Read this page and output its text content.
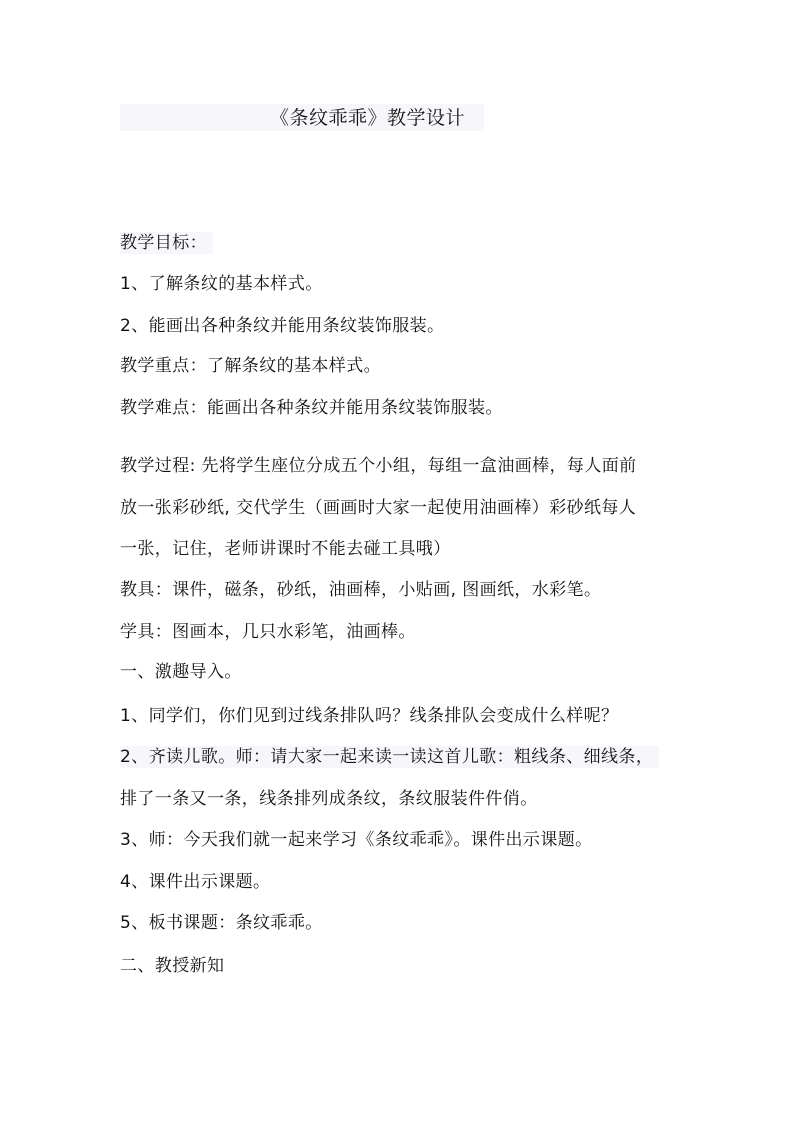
《条纹乖乖》教学设计
教学目标：
1、了解条纹的基本样式。
2、能画出各种条纹并能用条纹装饰服装。
教学重点：了解条纹的基本样式。
教学难点：能画出各种条纹并能用条纹装饰服装。
教学过程: 先将学生座位分成五个小组，每组一盒油画棒，每人面前
放一张彩砂纸, 交代学生（画画时大家一起使用油画棒）彩砂纸每人
一张，记住，老师讲课时不能去碰工具哦）
教具：课件，磁条，砂纸，油画棒，小贴画, 图画纸，水彩笔。
学具：图画本，几只水彩笔，油画棒。
一、激趣导入。
1、同学们，你们见到过线条排队吗？线条排队会变成什么样呢？
2、齐读儿歌。师：请大家一起来读一读这首儿歌：粗线条、细线条，
排了一条又一条，线条排列成条纹，条纹服装件件俏。
3、师：今天我们就一起来学习《条纹乖乖》。课件出示课题。
4、课件出示课题。
5、板书课题：条纹乖乖。
二、教授新知
